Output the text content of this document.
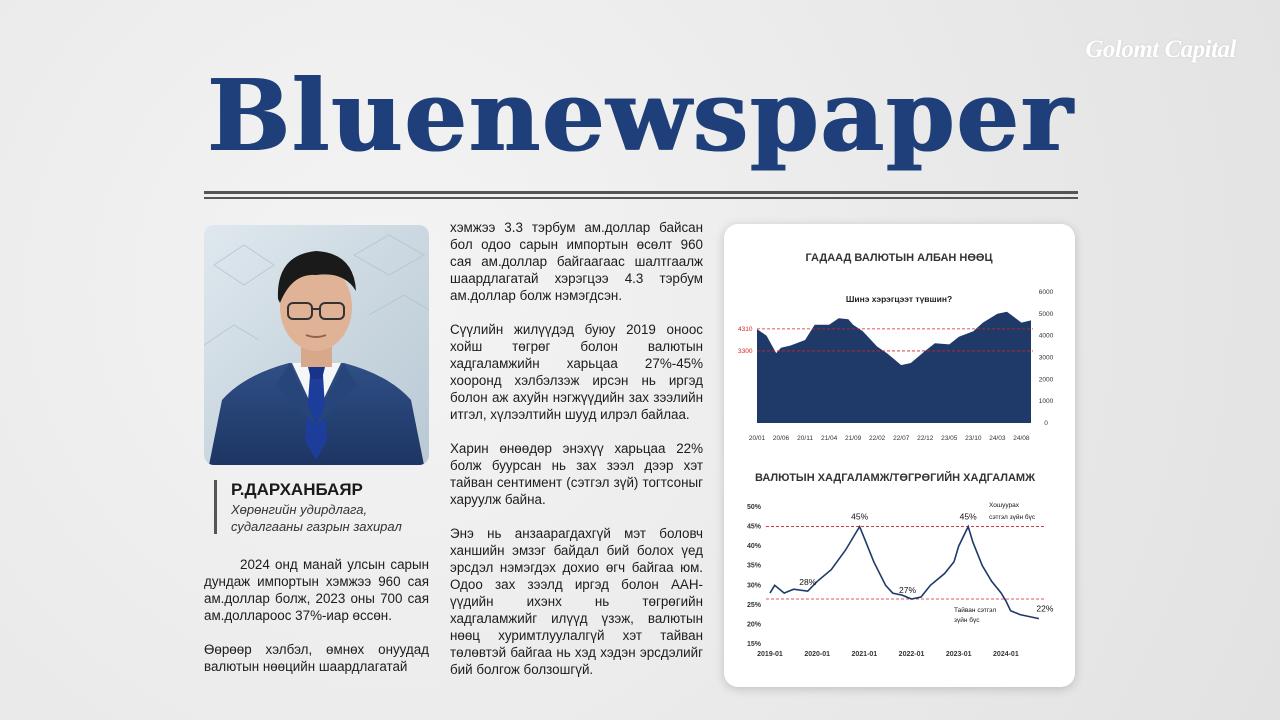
Golomt Capital
Bluenewspaper
Р.ДАРХАНБАЯР
Хөрөнгийн удирдлага,
судалгааны газрын захирал

2024 онд манай улсын сарын дундаж импортын хэмжээ 960 сая ам.доллар болж, 2023 оны 700 сая ам.доллароос 37%-иар өссөн.

Өөрөөр хэлбэл, өмнөх онуудад валютын нөөцийн шаардлагатай

хэмжээ 3.3 тэрбум ам.доллар байсан бол одоо сарын импортын өсөлт 960 сая ам.доллар байгаагаас шалтгаалж шаардлагатай хэрэгцээ 4.3 тэрбум ам.доллар болж нэмэгдсэн.

Сүүлийн жилүүдэд буюу 2019 оноос хойш төгрөг болон валютын хадгаламжийн харьцаа 27%-45% хооронд хэлбэлзэж ирсэн нь иргэд болон аж ахуйн нэгжүүдийн зах зээлийн итгэл, хүлээлтийн шууд илрэл байлаа.

Харин өнөөдөр энэхүү харьцаа 22% болж буурсан нь зах зээл дээр хэт тайван сентимент (сэтгэл зүй) тогтсоныг харуулж байна.

Энэ нь анзаарагдахгүй мэт боловч ханшийн эмзэг байдал бий болох үед эрсдэл нэмэгдэх дохио өгч байгаа юм. Одоо зах зээлд иргэд болон ААН-үүдийн ихэнх нь төгрөгийн хадгаламжийг илүүд үзэж, валютын нөөц хуримтлуулалгүй хэт тайван төлөвтэй байгаа нь хэд хэдэн эрсдэлийг бий болгож болзошгүй.

ГАДААД ВАЛЮТЫН АЛБАН НӨӨЦ
Шинэ хэрэгцээт түвшин?
0
1000
2000
3000
4000
5000
6000
4310
3300
20/01 20/06 20/11 21/04 21/09 22/02 22/07 22/12 23/05 23/10 24/03 24/08
ВАЛЮТЫН ХАДГАЛАМЖ/ТӨГРӨГИЙН ХАДГАЛАМЖ
15%
20%
25%
30%
35%
40%
45%
50%
2019-01	2020-01	2021-01	2022-01	2023-01	2024-01
28%
45%
27%
45%
22%
Хошуурах
сэтгэл зүйн бүс
Тайван сэтгэл
зүйн бүс
